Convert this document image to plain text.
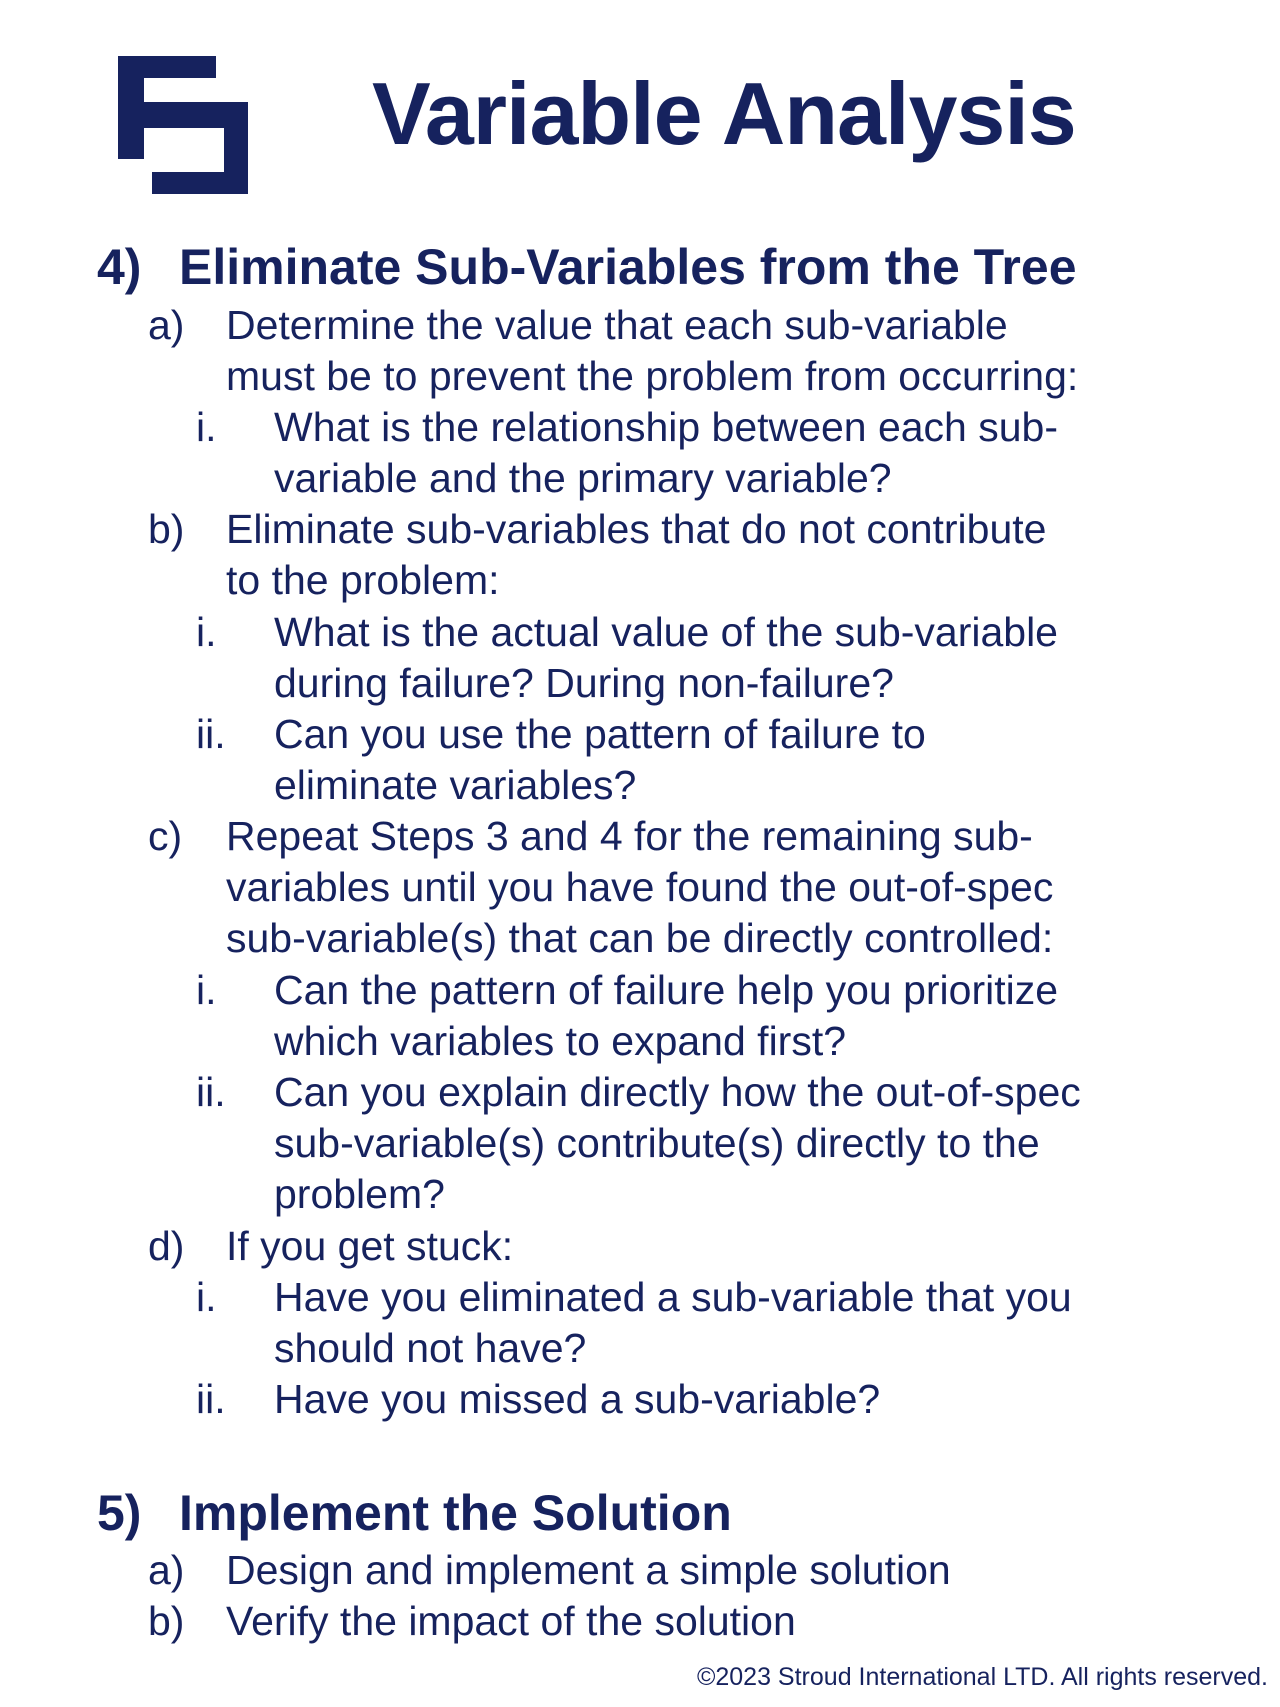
Variable Analysis
4) Eliminate Sub-Variables from the Tree
a) Determine the value that each sub-variable
must be to prevent the problem from occurring:
i. What is the relationship between each sub-
variable and the primary variable?
b) Eliminate sub-variables that do not contribute
to the problem:
i. What is the actual value of the sub-variable
during failure? During non-failure?
ii. Can you use the pattern of failure to
eliminate variables?
c) Repeat Steps 3 and 4 for the remaining sub-
variables until you have found the out-of-spec
sub-variable(s) that can be directly controlled:
i. Can the pattern of failure help you prioritize
which variables to expand first?
ii. Can you explain directly how the out-of-spec
sub-variable(s) contribute(s) directly to the
problem?
d) If you get stuck:
i. Have you eliminated a sub-variable that you
should not have?
ii. Have you missed a sub-variable?
5) Implement the Solution
a) Design and implement a simple solution
b) Verify the impact of the solution
©2023 Stroud International LTD. All rights reserved.
